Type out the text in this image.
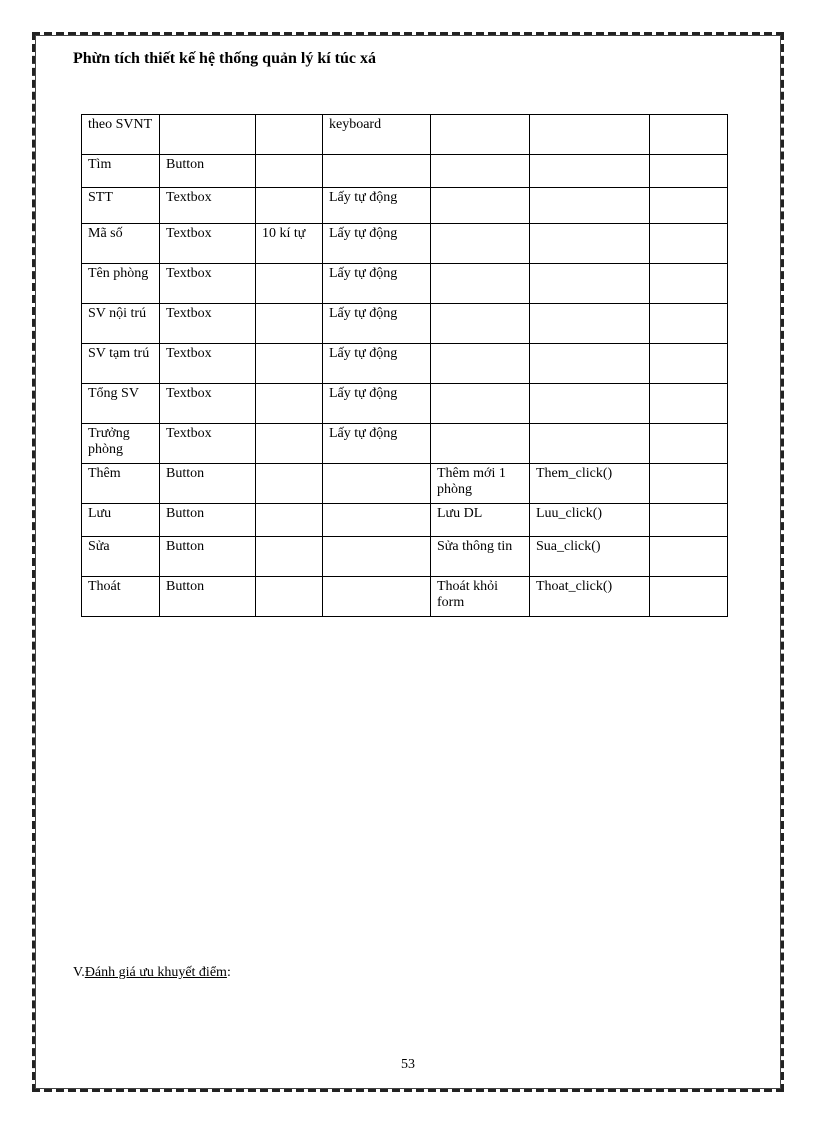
Phừn tích thiết kế hệ thống quản lý kí túc xá
theo SVNT			keyboard			
Tìm	Button					
STT	Textbox		Lấy tự động			
Mã số	Textbox	10 kí tự	Lấy tự động			
Tên phòng	Textbox		Lấy tự động			
SV nội trú	Textbox		Lấy tự động			
SV tạm trú	Textbox		Lấy tự động			
Tổng SV	Textbox		Lấy tự động			
Trưởng phòng	Textbox		Lấy tự động			
Thêm	Button			Thêm mới 1 phòng	Them_click()	
Lưu	Button			Lưu DL	Luu_click()	
Sửa	Button			Sửa thông tin	Sua_click()	
Thoát	Button			Thoát khỏi form	Thoat_click()	
V.Đánh giá ưu khuyết điểm:
53
